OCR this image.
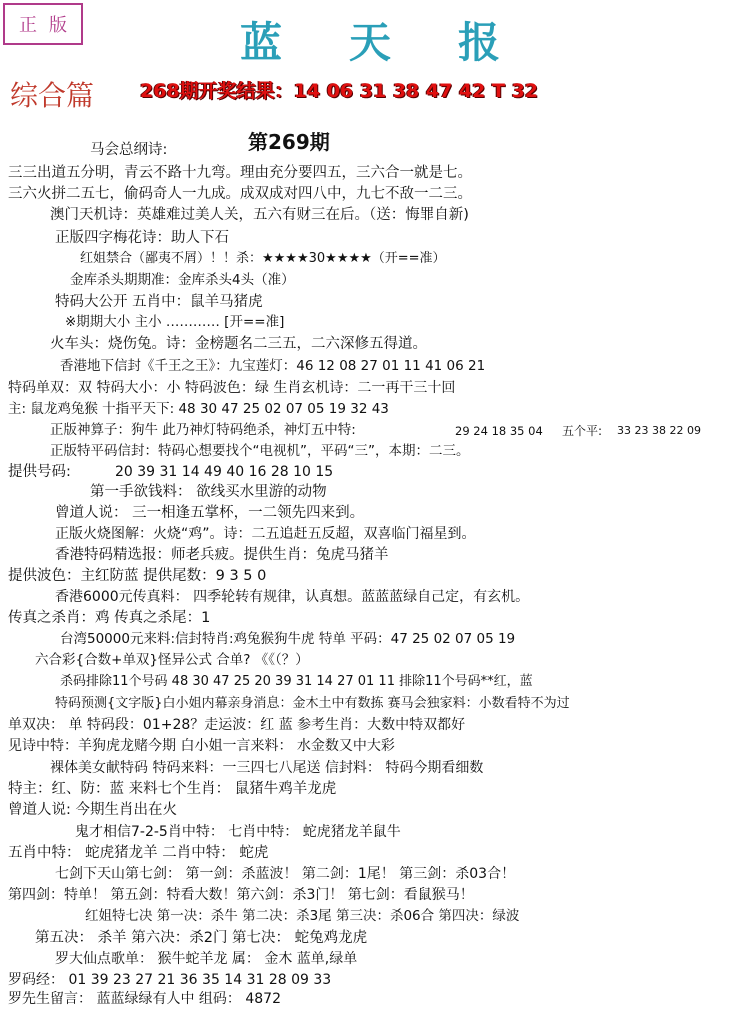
正 版	蓝 天 报
综合篇 268期开奖结果：14 06 31 38 47 42 T 32
第269期
马会总纲诗:
三三出道五分明，青云不路十九弯。理由充分要四五，三六合一就是七。
三六火拼二五七，偷码奇人一九成。成双成对四八中，九七不敌一二三。
澳门天机诗：英雄难过美人关，五六有财三在后。（送：悔罪自新)
正版四字梅花诗：助人下石
红姐禁合（鄙夷不屑）！！杀：★★★★30★★★★（开==准）
金库杀头期期准：金库杀头4头（准）
特码大公开 五肖中：鼠羊马猪虎
※期期大小 主小 ………… [开==准]
火车头：烧伤兔。诗：金榜题名二三五，二六深修五得道。
香港地下信封《千王之王》：九宝莲灯：46 12 08 27 01 11 41 06 21
特码单双：双 特码大小：小 特码波色：绿 生肖玄机诗：二一再干三十回
主: 鼠龙鸡兔猴 十指平天下: 48 30 47 25 02 07 05 19 32 43
正版神算子：狗牛 此乃神灯特码绝杀，神灯五中特:	29 24 18 35 04 五个平: 33 23 38 22 09
正版特平码信封：特码心想要找个“电视机”，平码“三”，本期：二三。
提供号码:	20 39 31 14 49 40 16 28 10 15
第一手欲钱料： 欲线买水里游的动物
曾道人说： 三一相逢五掌杯，一二领先四来到。
正版火烧图解：火烧“鸡”。诗：二五追赶五反超，双喜临门福星到。
香港特码精选报：师老兵疲。提供生肖：兔虎马猪羊
提供波色：主红防蓝 提供尾数：9 3 5 0
香港6000元传真料： 四季轮转有规律，认真想。蓝蓝蓝绿自己定，有玄机。
传真之杀肖：鸡 传真之杀尾：1
台湾50000元来料:信封特肖:鸡兔猴狗牛虎 特单 平码：47 25 02 07 05 19
六合彩{合数+单双}怪异公式 合单? 《《（？）
杀码排除11个号码 48 30 47 25 20 39 31 14 27 01 11 排除11个号码**红，蓝
特码预测{文字版}白小姐内幕亲身消息：金木土中有数拣 赛马会独家料：小数看特不为过
单双决： 单 特码段：01+28？走运波：红 蓝 参考生肖：大数中特双都好
见诗中特：羊狗虎龙赌今期 白小姐一言来料： 水金数又中大彩
裸体美女献特码 特码来料：一三四七八尾送 信封料： 特码今期看细数
特主：红、防：蓝 来料七个生肖： 鼠猪牛鸡羊龙虎
曾道人说: 今期生肖出在火
鬼才相信7-2-5肖中特： 七肖中特： 蛇虎猪龙羊鼠牛
五肖中特： 蛇虎猪龙羊 二肖中特： 蛇虎
七剑下天山第七剑： 第一剑：杀蓝波！ 第二剑：1尾！ 第三剑：杀03合！
第四剑：特单！ 第五剑：特看大数！第六剑：杀3门！ 第七剑：看鼠猴马！
红姐特七决 第一决：杀牛 第二决：杀3尾 第三决：杀06合 第四决：绿波
第五决： 杀羊 第六决：杀2门 第七决： 蛇兔鸡龙虎
罗大仙点歌单： 猴牛蛇羊龙 属： 金木 蓝单,绿单
罗码经： 01 39 23 27 21 36 35 14 31 28 09 33
罗先生留言： 蓝蓝绿绿有人中 组码： 4872
